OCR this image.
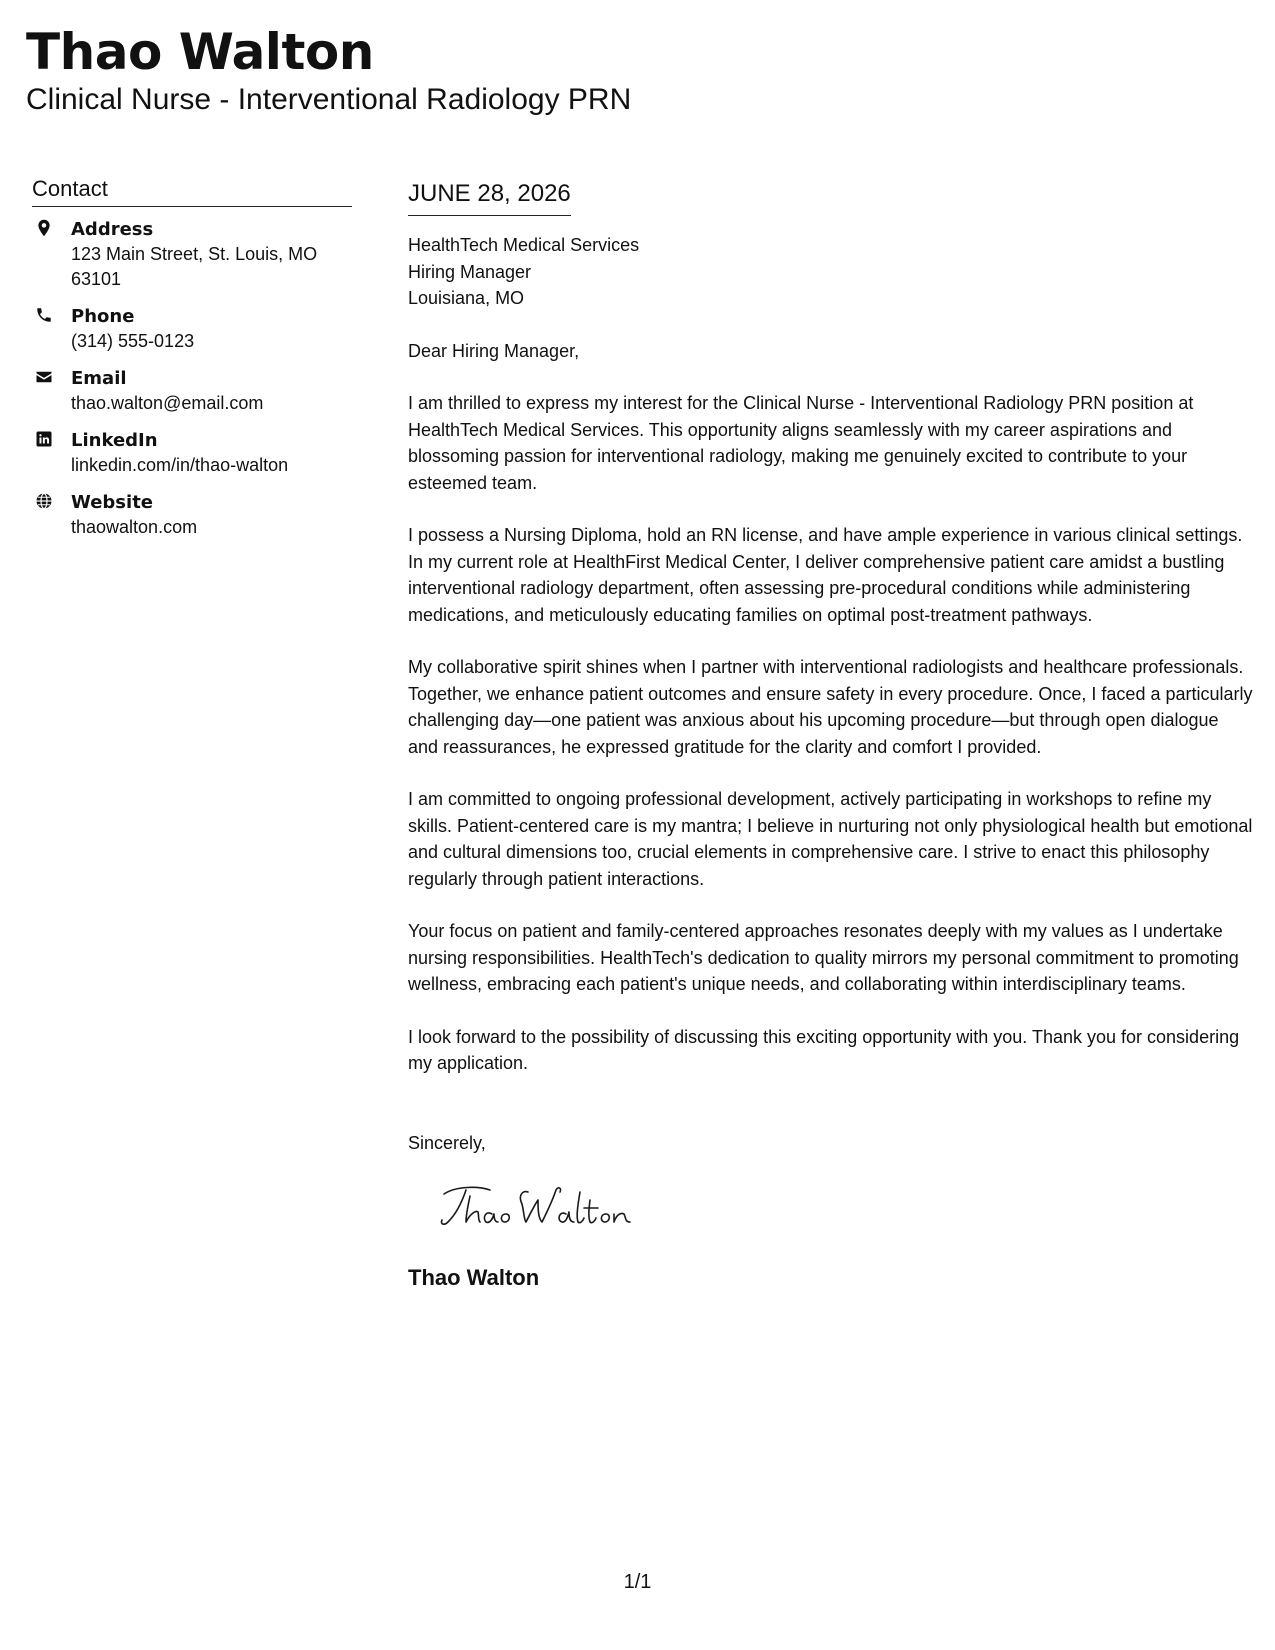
Thao Walton
Clinical Nurse - Interventional Radiology PRN
Contact
Address
123 Main Street, St. Louis, MO 63101
Phone
(314) 555-0123
Email
thao.walton@email.com
LinkedIn
linkedin.com/in/thao-walton
Website
thaowalton.com
JUNE 28, 2026
HealthTech Medical Services
Hiring Manager
Louisiana, MO

Dear Hiring Manager,

I am thrilled to express my interest for the Clinical Nurse - Interventional Radiology PRN position at HealthTech Medical Services. This opportunity aligns seamlessly with my career aspirations and blossoming passion for interventional radiology, making me genuinely excited to contribute to your esteemed team.

I possess a Nursing Diploma, hold an RN license, and have ample experience in various clinical settings. In my current role at HealthFirst Medical Center, I deliver comprehensive patient care amidst a bustling interventional radiology department, often assessing pre-procedural conditions while administering medications, and meticulously educating families on optimal post-treatment pathways.

My collaborative spirit shines when I partner with interventional radiologists and healthcare professionals. Together, we enhance patient outcomes and ensure safety in every procedure. Once, I faced a particularly challenging day—one patient was anxious about his upcoming procedure—but through open dialogue and reassurances, he expressed gratitude for the clarity and comfort I provided.

I am committed to ongoing professional development, actively participating in workshops to refine my skills. Patient-centered care is my mantra; I believe in nurturing not only physiological health but emotional and cultural dimensions too, crucial elements in comprehensive care. I strive to enact this philosophy regularly through patient interactions.

Your focus on patient and family-centered approaches resonates deeply with my values as I undertake nursing responsibilities. HealthTech's dedication to quality mirrors my personal commitment to promoting wellness, embracing each patient's unique needs, and collaborating within interdisciplinary teams.

I look forward to the possibility of discussing this exciting opportunity with you. Thank you for considering my application.

Sincerely,

Thao Walton
1/1
